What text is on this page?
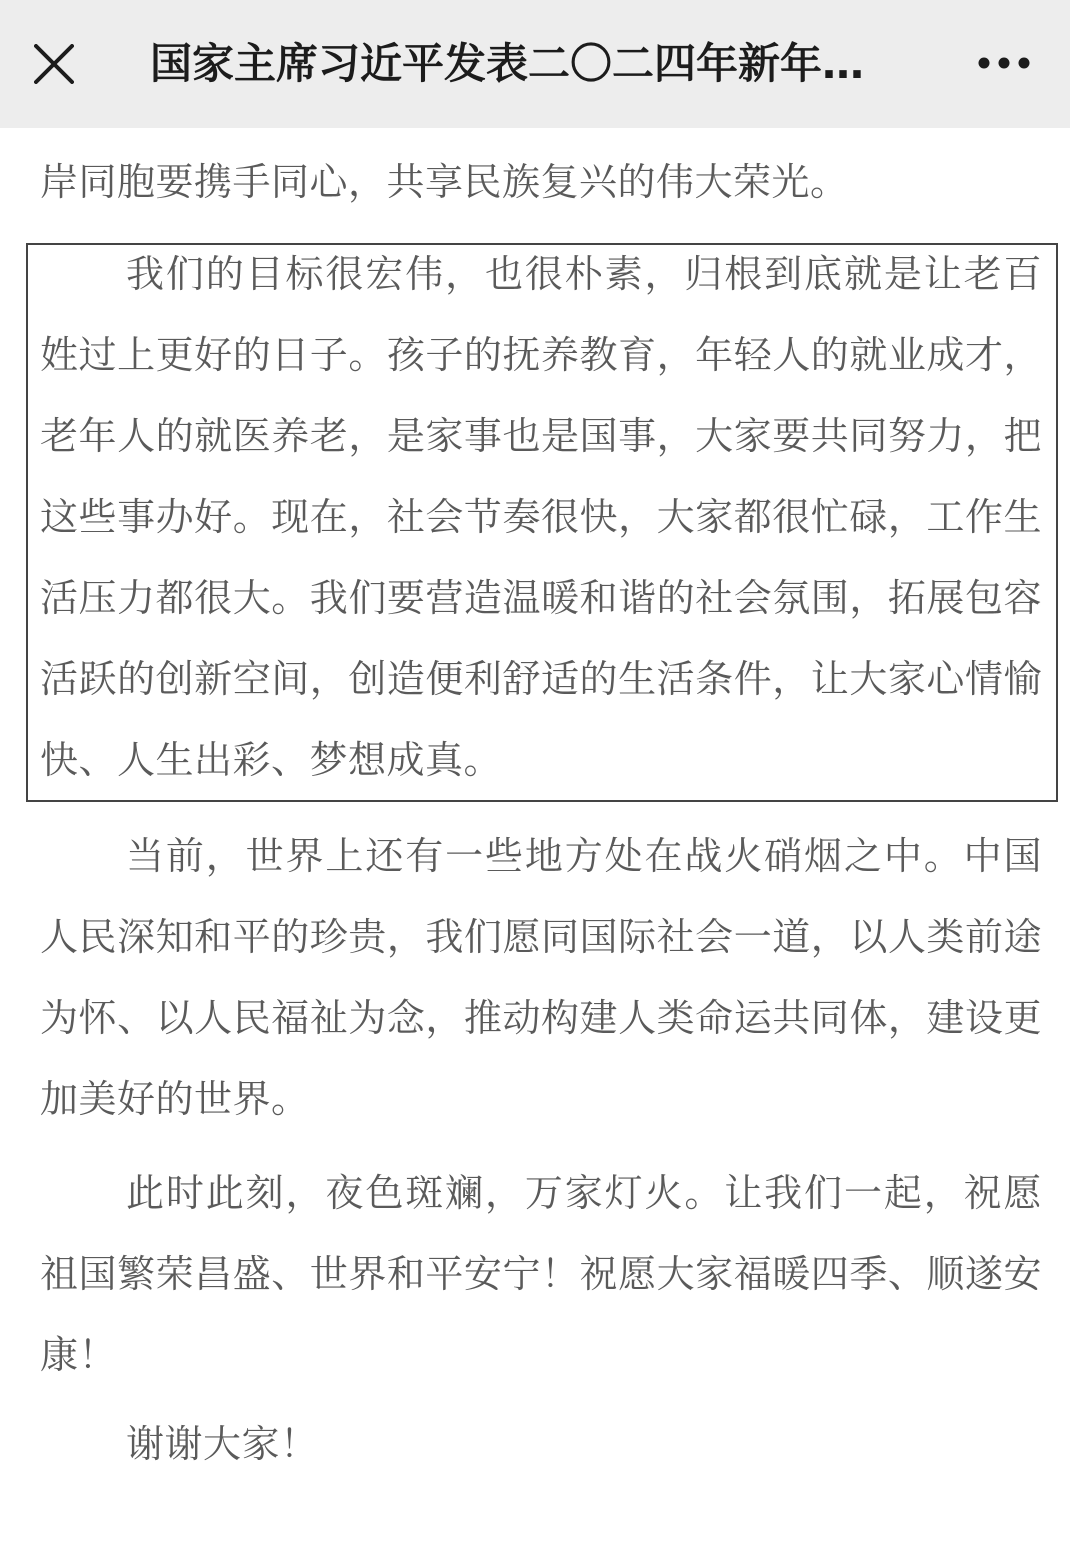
国家主席习近平发表二〇二四年新年…

岸同胞要携手同心，共享民族复兴的伟大荣光。

我们的目标很宏伟，也很朴素，归根到底就是让老百姓过上更好的日子。孩子的抚养教育，年轻人的就业成才，老年人的就医养老，是家事也是国事，大家要共同努力，把这些事办好。现在，社会节奏很快，大家都很忙碌，工作生活压力都很大。我们要营造温暖和谐的社会氛围，拓展包容活跃的创新空间，创造便利舒适的生活条件，让大家心情愉快、人生出彩、梦想成真。

当前，世界上还有一些地方处在战火硝烟之中。中国人民深知和平的珍贵，我们愿同国际社会一道，以人类前途为怀、以人民福祉为念，推动构建人类命运共同体，建设更加美好的世界。

此时此刻，夜色斑斓，万家灯火。让我们一起，祝愿祖国繁荣昌盛、世界和平安宁！祝愿大家福暖四季、顺遂安康！

谢谢大家！
